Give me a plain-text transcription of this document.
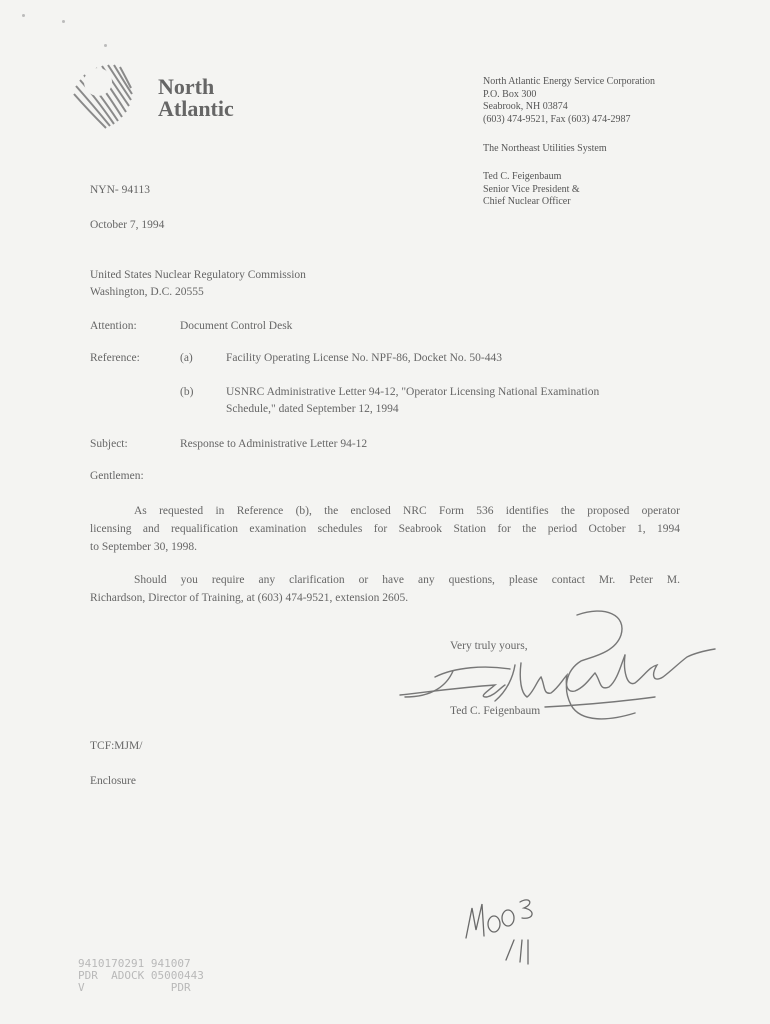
North
Atlantic
North Atlantic Energy Service Corporation
P.O. Box 300
Seabrook, NH 03874
(603) 474-9521, Fax (603) 474-2987
The Northeast Utilities System
Ted C. Feigenbaum
Senior Vice President &
Chief Nuclear Officer
NYN- 94113
October 7, 1994
United States Nuclear Regulatory Commission
Washington, D.C. 20555
Attention:	Document Control Desk
Reference:	(a)	Facility Operating License No. NPF-86, Docket No. 50-443
(b)	USNRC Administrative Letter 94-12, "Operator Licensing National Examination
Schedule," dated September 12, 1994
Subject:	Response to Administrative Letter 94-12
Gentlemen:
As requested in Reference (b), the enclosed NRC Form 536 identifies the proposed operator
licensing and requalification examination schedules for Seabrook Station for the period October 1, 1994
to September 30, 1998.
Should you require any clarification or have any questions, please contact Mr. Peter M.
Richardson, Director of Training, at (603) 474-9521, extension 2605.
Very truly yours,
Ted C. Feigenbaum
TCF:MJM/
Enclosure
9410170291 941007
PDR  ADOCK 05000443
V             PDR
